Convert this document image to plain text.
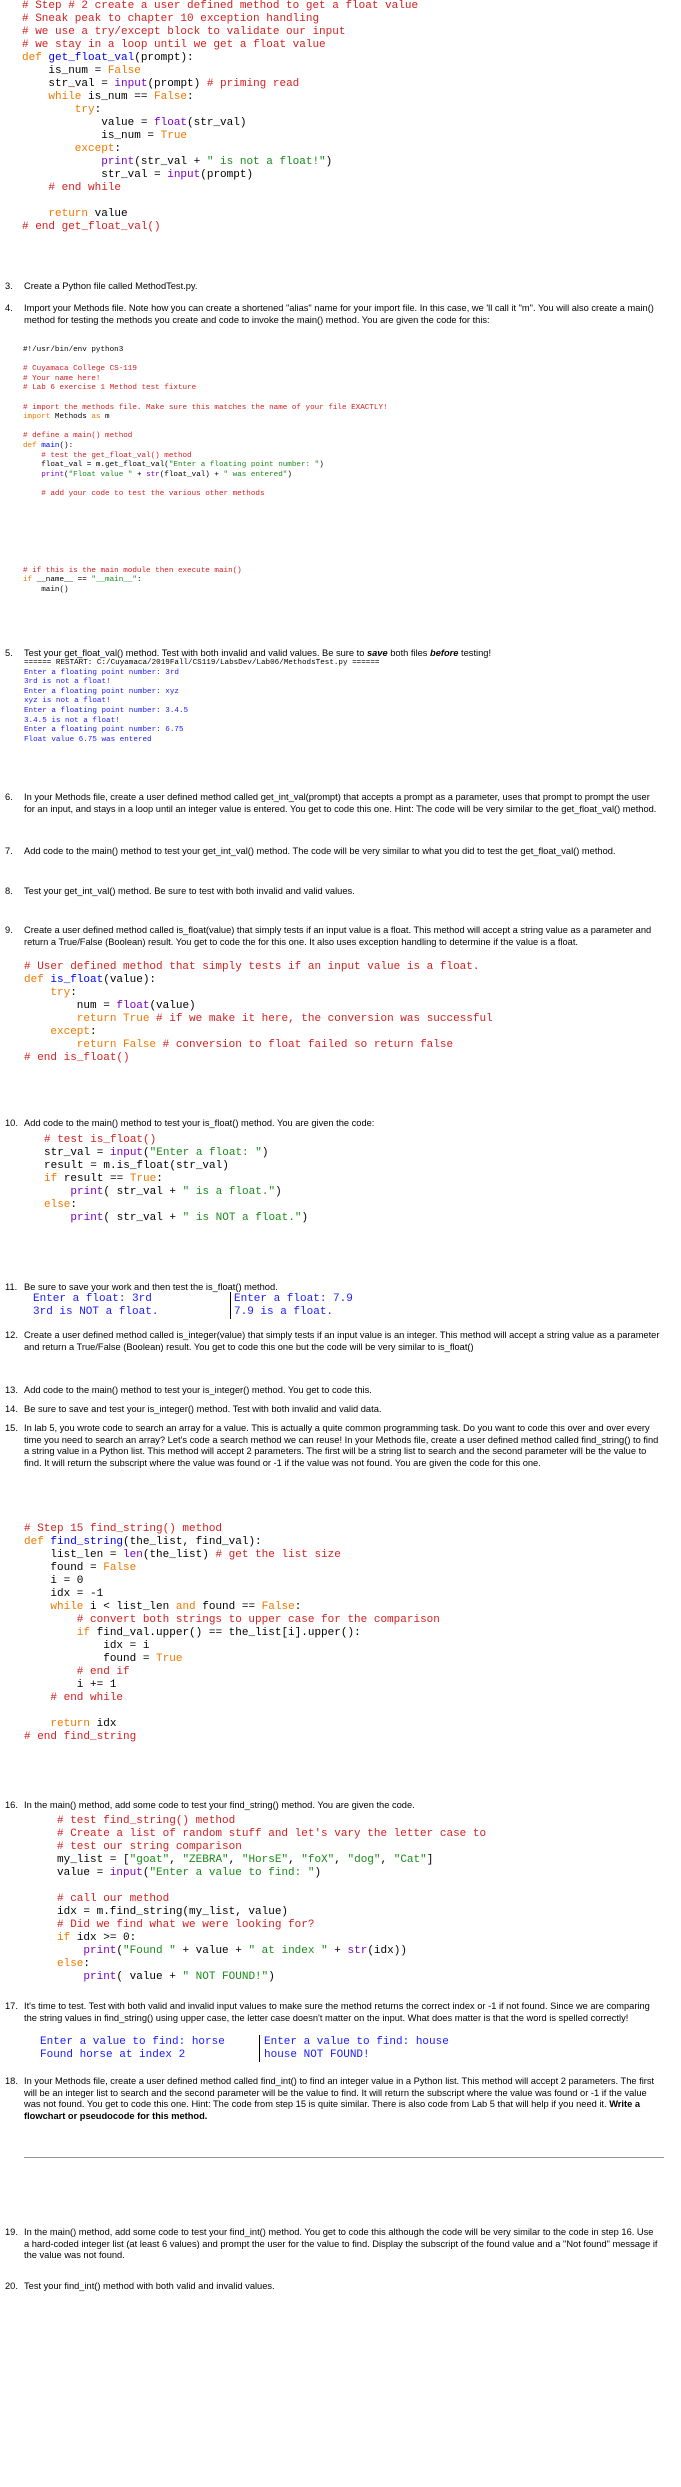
# Step # 2 create a user defined method to get a float value
# Sneak peak to chapter 10 exception handling
# we use a try/except block to validate our input
# we stay in a loop until we get a float value
def get_float_val(prompt):
is_num = False
str_val = input(prompt) # priming read
while is_num == False:
try:
value = float(str_val)
is_num = True
except:
print(str_val + " is not a float!")
str_val = input(prompt)
# end while

return value
# end get_float_val()
3. Create a Python file called MethodTest.py.
4. Import your Methods file. Note how you can create a shortened "alias" name for your import file. In this case, we 'll call it "m". You will also create a main() method for testing the methods you create and code to invoke the main() method. You are given the code for this:
#!/usr/bin/env python3

# Cuyamaca College CS-119
# Your name here!
# Lab 6 exercise 1 Method test fixture

# import the methods file. Make sure this matches the name of your file EXACTLY!
import Methods as m

# define a main() method
def main():
# test the get_float_val() method
float_val = m.get_float_val("Enter a floating point number: ")
print("Float value " + str(float_val) + " was entered")

# add your code to test the various other methods

# if this is the main module then execute main()
if __name__ == "__main__":
main()
5. Test your get_float_val() method. Test with both invalid and valid values. Be sure to save both files before testing!
====== RESTART: C:/Cuyamaca/2019Fall/CS119/LabsDev/Lab06/MethodsTest.py ======
Enter a floating point number: 3rd
3rd is not a float!
Enter a floating point number: xyz
xyz is not a float!
Enter a floating point number: 3.4.5
3.4.5 is not a float!
Enter a floating point number: 6.75
Float value 6.75 was entered
6. In your Methods file, create a user defined method called get_int_val(prompt) that accepts a prompt as a parameter, uses that prompt to prompt the user for an input, and stays in a loop until an integer value is entered. You get to code this one. Hint: The code will be very similar to the get_float_val() method.
7. Add code to the main() method to test your get_int_val() method. The code will be very similar to what you did to test the get_float_val() method.
8. Test your get_int_val() method. Be sure to test with both invalid and valid values.
9. Create a user defined method called is_float(value) that simply tests if an input value is a float. This method will accept a string value as a parameter and return a True/False (Boolean) result. You get to code the for this one. It also uses exception handling to determine if the value is a float.
# User defined method that simply tests if an input value is a float.
def is_float(value):
try:
num = float(value)
return True # if we make it here, the conversion was successful
except:
return False # conversion to float failed so return false
# end is_float()
10. Add code to the main() method to test your is_float() method. You are given the code:
# test is_float()
str_val = input("Enter a float: ")
result = m.is_float(str_val)
if result == True:
print( str_val + " is a float.")
else:
print( str_val + " is NOT a float.")
11. Be sure to save your work and then test the is_float() method.
Enter a float: 3rd
3rd is NOT a float.
Enter a float: 7.9
7.9 is a float.
12. Create a user defined method called is_integer(value) that simply tests if an input value is an integer. This method will accept a string value as a parameter and return a True/False (Boolean) result. You get to code this one but the code will be very similar to is_float()
13. Add code to the main() method to test your is_integer() method. You get to code this.
14. Be sure to save and test your is_integer() method. Test with both invalid and valid data.
15. In lab 5, you wrote code to search an array for a value. This is actually a quite common programming task. Do you want to code this over and over every time you need to search an array? Let's code a search method we can reuse! In your Methods file, create a user defined method called find_string() to find a string value in a Python list. This method will accept 2 parameters. The first will be a string list to search and the second parameter will be the value to find. It will return the subscript where the value was found or -1 if the value was not found. You are given the code for this one.
# Step 15 find_string() method
def find_string(the_list, find_val):
list_len = len(the_list) # get the list size
found = False
i = 0
idx = -1
while i < list_len and found == False:
# convert both strings to upper case for the comparison
if find_val.upper() == the_list[i].upper():
idx = i
found = True
# end if
i += 1
# end while

return idx
# end find_string
16. In the main() method, add some code to test your find_string() method. You are given the code.
# test find_string() method
# Create a list of random stuff and let's vary the letter case to
# test our string comparison
my_list = ["goat", "ZEBRA", "HorsE", "foX", "dog", "Cat"]
value = input("Enter a value to find: ")

# call our method
idx = m.find_string(my_list, value)
# Did we find what we were looking for?
if idx >= 0:
print("Found " + value + " at index " + str(idx))
else:
print( value + " NOT FOUND!")
17. It's time to test. Test with both valid and invalid input values to make sure the method returns the correct index or -1 if not found. Since we are comparing the string values in find_string() using upper case, the letter case doesn't matter on the input. What does matter is that the word is spelled correctly!
Enter a value to find: horse
Found horse at index 2
Enter a value to find: house
house NOT FOUND!
18. In your Methods file, create a user defined method called find_int() to find an integer value in a Python list. This method will accept 2 parameters. The first will be an integer list to search and the second parameter will be the value to find. It will return the subscript where the value was found or -1 if the value was not found. You get to code this one. Hint: The code from step 15 is quite similar. There is also code from Lab 5 that will help if you need it. Write a flowchart or pseudocode for this method.
19. In the main() method, add some code to test your find_int() method. You get to code this although the code will be very similar to the code in step 16. Use a hard-coded integer list (at least 6 values) and prompt the user for the value to find. Display the subscript of the found value and a "Not found" message if the value was not found.
20. Test your find_int() method with both valid and invalid values.
